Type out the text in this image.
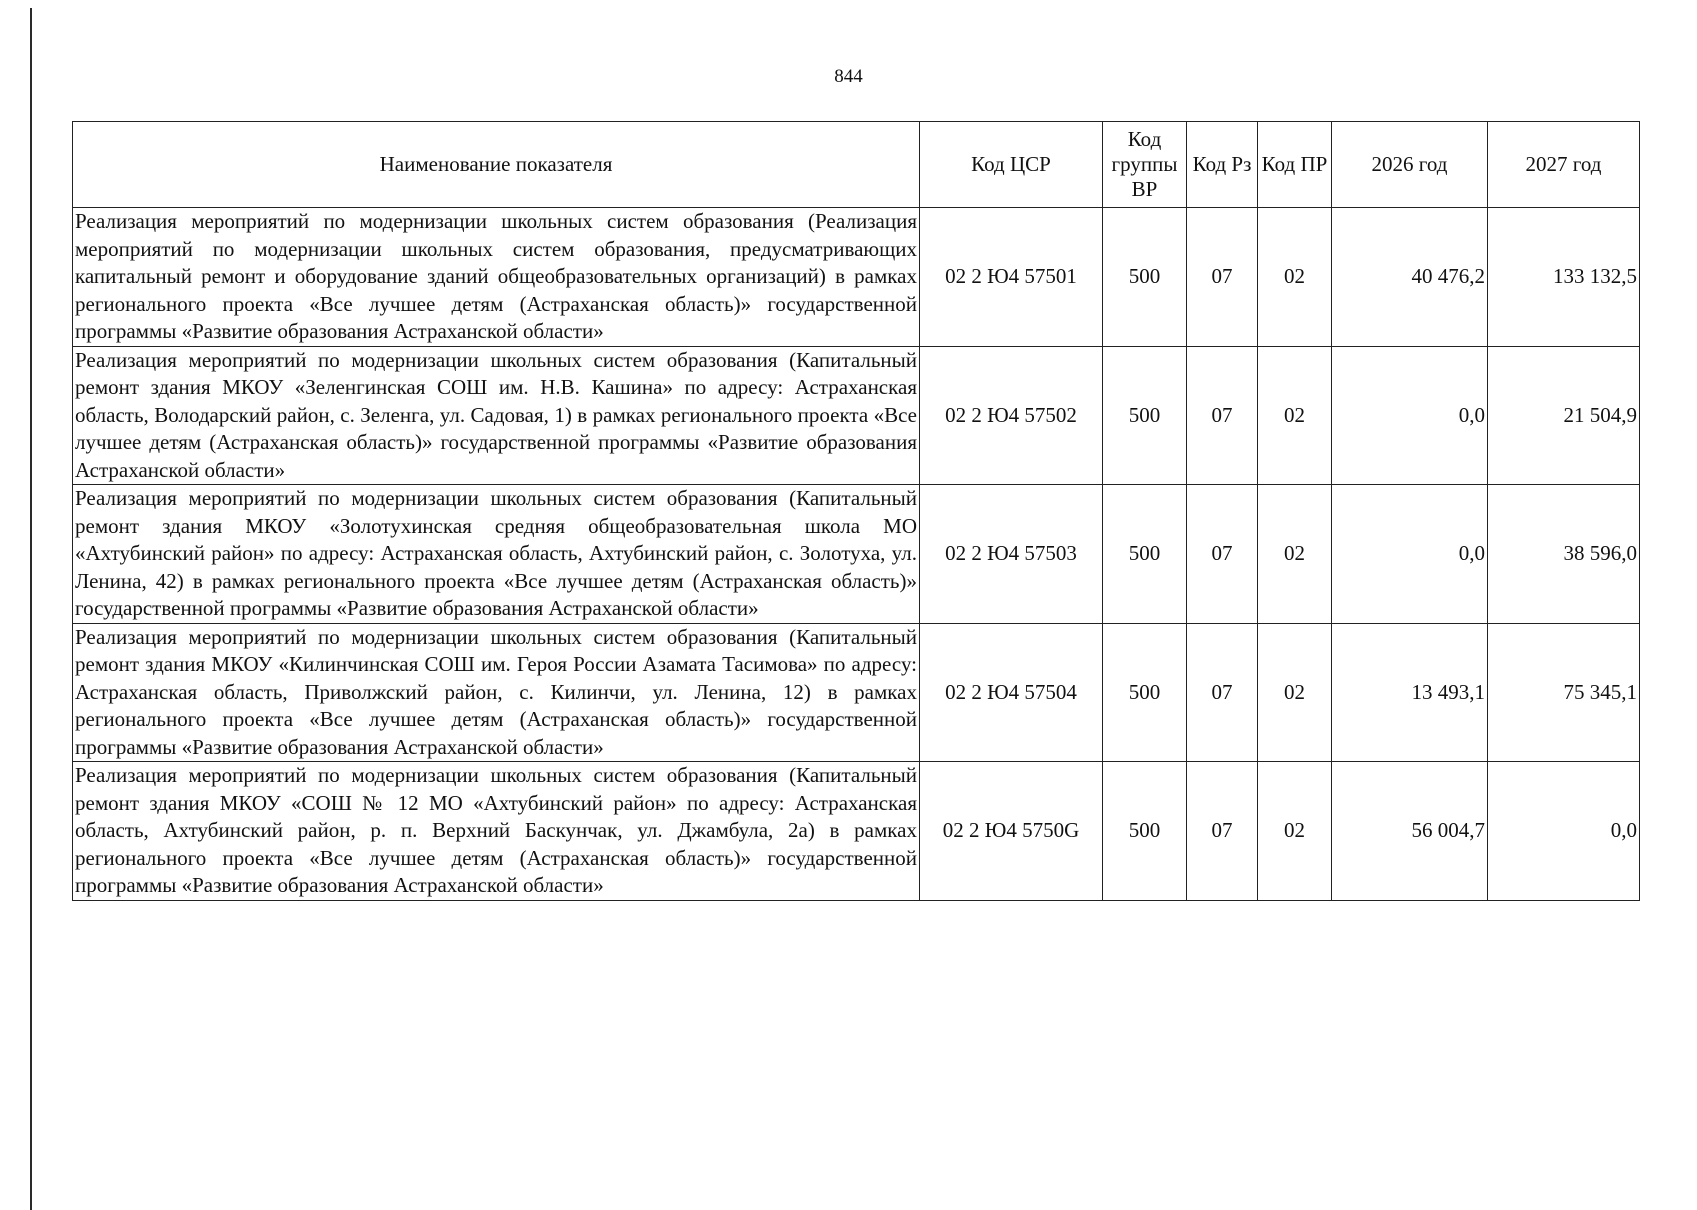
844
Наименование показателя	Код ЦСР	Код группы ВР	Код Рз	Код ПР	2026 год	2027 год
Реализация мероприятий по модернизации школьных систем образования (Реализация мероприятий по модернизации школьных систем образования, предусматривающих капитальный ремонт и оборудование зданий общеобразовательных организаций) в рамках регионального проекта «Все лучшее детям (Астраханская область)» государственной программы «Развитие образования Астраханской области»	02 2 Ю4 57501	500	07	02	40 476,2	133 132,5
Реализация мероприятий по модернизации школьных систем образования (Капитальный ремонт здания МКОУ «Зеленгинская СОШ им. Н.В. Кашина» по адресу: Астраханская область, Володарский район, с. Зеленга, ул. Садовая, 1) в рамках регионального проекта «Все лучшее детям (Астраханская область)» государственной программы «Развитие образования Астраханской области»	02 2 Ю4 57502	500	07	02	0,0	21 504,9
Реализация мероприятий по модернизации школьных систем образования (Капитальный ремонт здания МКОУ «Золотухинская средняя общеобразовательная школа МО «Ахтубинский район» по адресу: Астраханская область, Ахтубинский район, с. Золотуха, ул. Ленина, 42) в рамках регионального проекта «Все лучшее детям (Астраханская область)» государственной программы «Развитие образования Астраханской области»	02 2 Ю4 57503	500	07	02	0,0	38 596,0
Реализация мероприятий по модернизации школьных систем образования (Капитальный ремонт здания МКОУ «Килинчинская СОШ им. Героя России Азамата Тасимова» по адресу: Астраханская область, Приволжский район, с. Килинчи, ул. Ленина, 12) в рамках регионального проекта «Все лучшее детям (Астраханская область)» государственной программы «Развитие образования Астраханской области»	02 2 Ю4 57504	500	07	02	13 493,1	75 345,1
Реализация мероприятий по модернизации школьных систем образования (Капитальный ремонт здания МКОУ «СОШ № 12 МО «Ахтубинский район» по адресу: Астраханская область, Ахтубинский район, р. п. Верхний Баскунчак, ул. Джамбула, 2а) в рамках регионального проекта «Все лучшее детям (Астраханская область)» государственной программы «Развитие образования Астраханской области»	02 2 Ю4 5750G	500	07	02	56 004,7	0,0
